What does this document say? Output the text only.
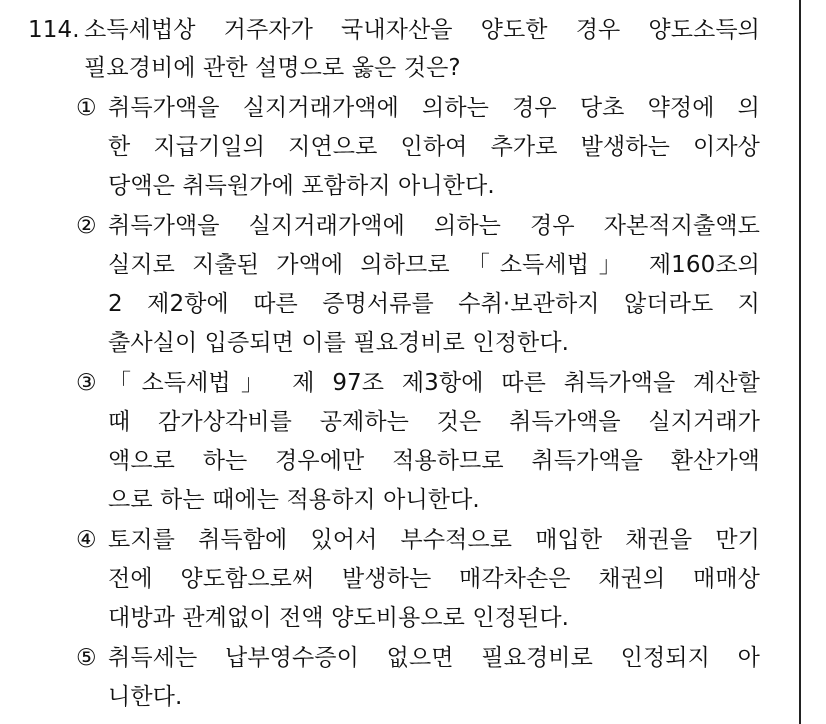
114. 소득세법상 거주자가 국내자산을 양도한 경우 양도소득의
필요경비에 관한 설명으로 옳은 것은?
① 취득가액을 실지거래가액에 의하는 경우 당초 약정에 의
한 지급기일의 지연으로 인하여 추가로 발생하는 이자상
당액은 취득원가에 포함하지 아니한다.
② 취득가액을 실지거래가액에 의하는 경우 자본적지출액도
실지로 지출된 가액에 의하므로 「소득세법」 제160조의
2 제2항에 따른 증명서류를 수취·보관하지 않더라도 지
출사실이 입증되면 이를 필요경비로 인정한다.
③ 「소득세법」 제 97조 제3항에 따른 취득가액을 계산할
때 감가상각비를 공제하는 것은 취득가액을 실지거래가
액으로 하는 경우에만 적용하므로 취득가액을 환산가액
으로 하는 때에는 적용하지 아니한다.
④ 토지를 취득함에 있어서 부수적으로 매입한 채권을 만기
전에 양도함으로써 발생하는 매각차손은 채권의 매매상
대방과 관계없이 전액 양도비용으로 인정된다.
⑤ 취득세는 납부영수증이 없으면 필요경비로 인정되지 아
니한다.
